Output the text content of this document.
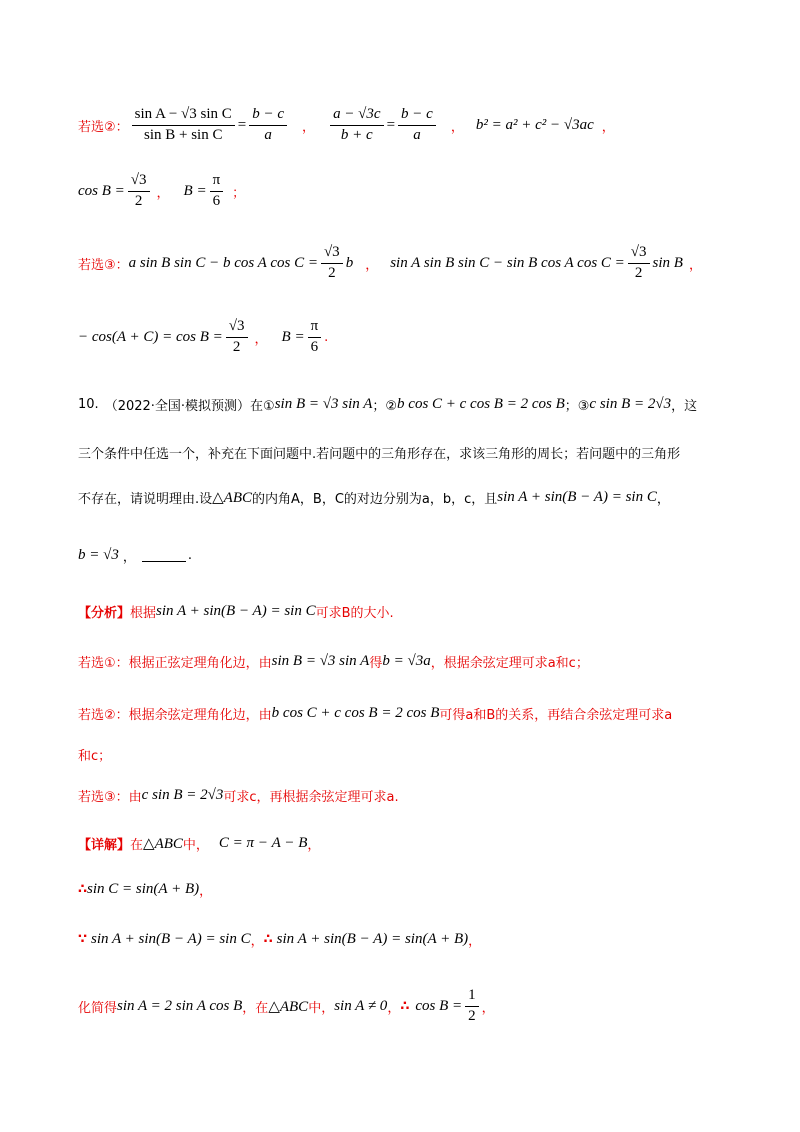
若选②： $\frac{\text{sin A − √3 sin C}}{\text{sin B + sin C}} = \frac{b - c}{a}$ ， $\frac{a - √3c}{b + c} = \frac{b - c}{a}$ ， b² = a² + c² − √3ac ，
$\cos B = \frac{√3}{2}$ ， $B = \frac{\pi}{6}$ ；
若选③： a sin B sin C − b cos A $\cos C = \frac{√3}{2}$ b ， sin A sin B sin C − sin B cos A $\cos C = \frac{√3}{2}$ sin B ，
− $\cos(A + C) = \cos B = \frac{√3}{2}$ ， $B = \frac{\pi}{6}$ .
10. （2022·全国·模拟预测）在① sin B = √3 sin A ；② b cos C + c cos B = 2 cos B ；③ c sin B = 2√3 ，这
三个条件中任选一个，补充在下面问题中.若问题中的三角形存在，求该三角形的周长；若问题中的三角形
不存在，请说明理由.设 △ABC 的内角A，B，C的对边分别为a，b，c，且 sin A + sin(B − A) = sin C ，
b = √3 ，	.
【分析】 根据 sin A + sin(B − A) = sin C 可求B的大小.
若选①：根据正弦定理角化边，由 sin B = √3 sin A 得 b = √3a ，根据余弦定理可求a和c；
若选②：根据余弦定理角化边，由 b cos C + c cos B = 2 cos B 可得a和B的关系，再结合余弦定理可求a
和c；
若选③：由 c sin B = 2√3 可求c，再根据余弦定理可求a.
【详解】 在 △ABC 中， C = π − A − B ，
∴ sin C = sin(A + B) ，
∵ sin A + sin(B − A) = sin C ， ∴ sin A + sin(B − A) = sin(A + B) ，
化简得 sin A = 2 sin A cos B ，在 △ABC 中， sin A ≠ 0 ， ∴ $\cos B = \frac{1}{2}$ ，
